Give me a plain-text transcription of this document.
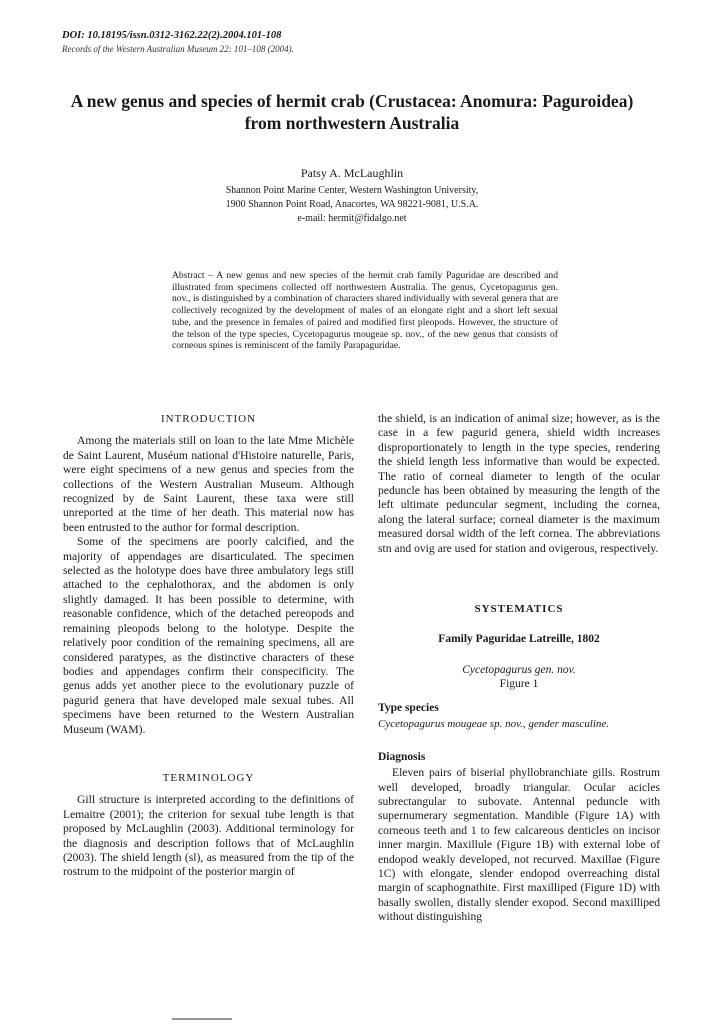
DOI: 10.18195/issn.0312-3162.22(2).2004.101-108
Records of the Western Australian Museum 22: 101–108 (2004).
A new genus and species of hermit crab (Crustacea: Anomura: Paguroidea)
from northwestern Australia
Patsy A. McLaughlin
Shannon Point Marine Center, Western Washington University,
1900 Shannon Point Road, Anacortes, WA 98221-9081, U.S.A.
e-mail: hermit@fidalgo.net
Abstract – A new genus and new species of the hermit crab family Paguridae are described and illustrated from specimens collected off northwestern Australia. The genus, Cycetopagurus gen. nov., is distinguished by a combination of characters shared individually with several genera that are collectively recognized by the development of males of an elongate right and a short left sexual tube, and the presence in females of paired and modified first pleopods. However, the structure of the telson of the type species, Cycetopagurus mougeae sp. nov., of the new genus that consists of corneous spines is reminiscent of the family Parapaguridae.
INTRODUCTION

Among the materials still on loan to the late Mme Michèle de Saint Laurent, Muséum national d'Histoire naturelle, Paris, were eight specimens of a new genus and species from the collections of the Western Australian Museum. Although recognized by de Saint Laurent, these taxa were still unreported at the time of her death. This material now has been entrusted to the author for formal description.

Some of the specimens are poorly calcified, and the majority of appendages are disarticulated. The specimen selected as the holotype does have three ambulatory legs still attached to the cephalothorax, and the abdomen is only slightly damaged. It has been possible to determine, with reasonable confidence, which of the detached pereopods and remaining pleopods belong to the holotype. Despite the relatively poor condition of the remaining specimens, all are considered paratypes, as the distinctive characters of these bodies and appendages confirm their conspecificity. The genus adds yet another piece to the evolutionary puzzle of pagurid genera that have developed male sexual tubes. All specimens have been returned to the Western Australian Museum (WAM).

TERMINOLOGY

Gill structure is interpreted according to the definitions of Lemaitre (2001); the criterion for sexual tube length is that proposed by McLaughlin (2003). Additional terminology for the diagnosis and description follows that of McLaughlin (2003). The shield length (sl), as measured from the tip of the rostrum to the midpoint of the posterior margin of

the shield, is an indication of animal size; however, as is the case in a few pagurid genera, shield width increases disproportionately to length in the type species, rendering the shield length less informative than would be expected. The ratio of corneal diameter to length of the ocular peduncle has been obtained by measuring the length of the left ultimate peduncular segment, including the cornea, along the lateral surface; corneal diameter is the maximum measured dorsal width of the left cornea. The abbreviations stn and ovig are used for station and ovigerous, respectively.

SYSTEMATICS
Family Paguridae Latreille, 1802
Cycetopagurus gen. nov.
Figure 1
Type species
Cycetopagurus mougeae sp. nov., gender masculine.
Diagnosis

Eleven pairs of biserial phyllobranchiate gills. Rostrum well developed, broadly triangular. Ocular acicles subrectangular to subovate. Antennal peduncle with supernumerary segmentation. Mandible (Figure 1A) with corneous teeth and 1 to few calcareous denticles on incisor inner margin. Maxillule (Figure 1B) with external lobe of endopod weakly developed, not recurved. Maxillae (Figure 1C) with elongate, slender endopod overreaching distal margin of scaphognathite. First maxilliped (Figure 1D) with basally swollen, distally slender exopod. Second maxilliped without distinguishing
